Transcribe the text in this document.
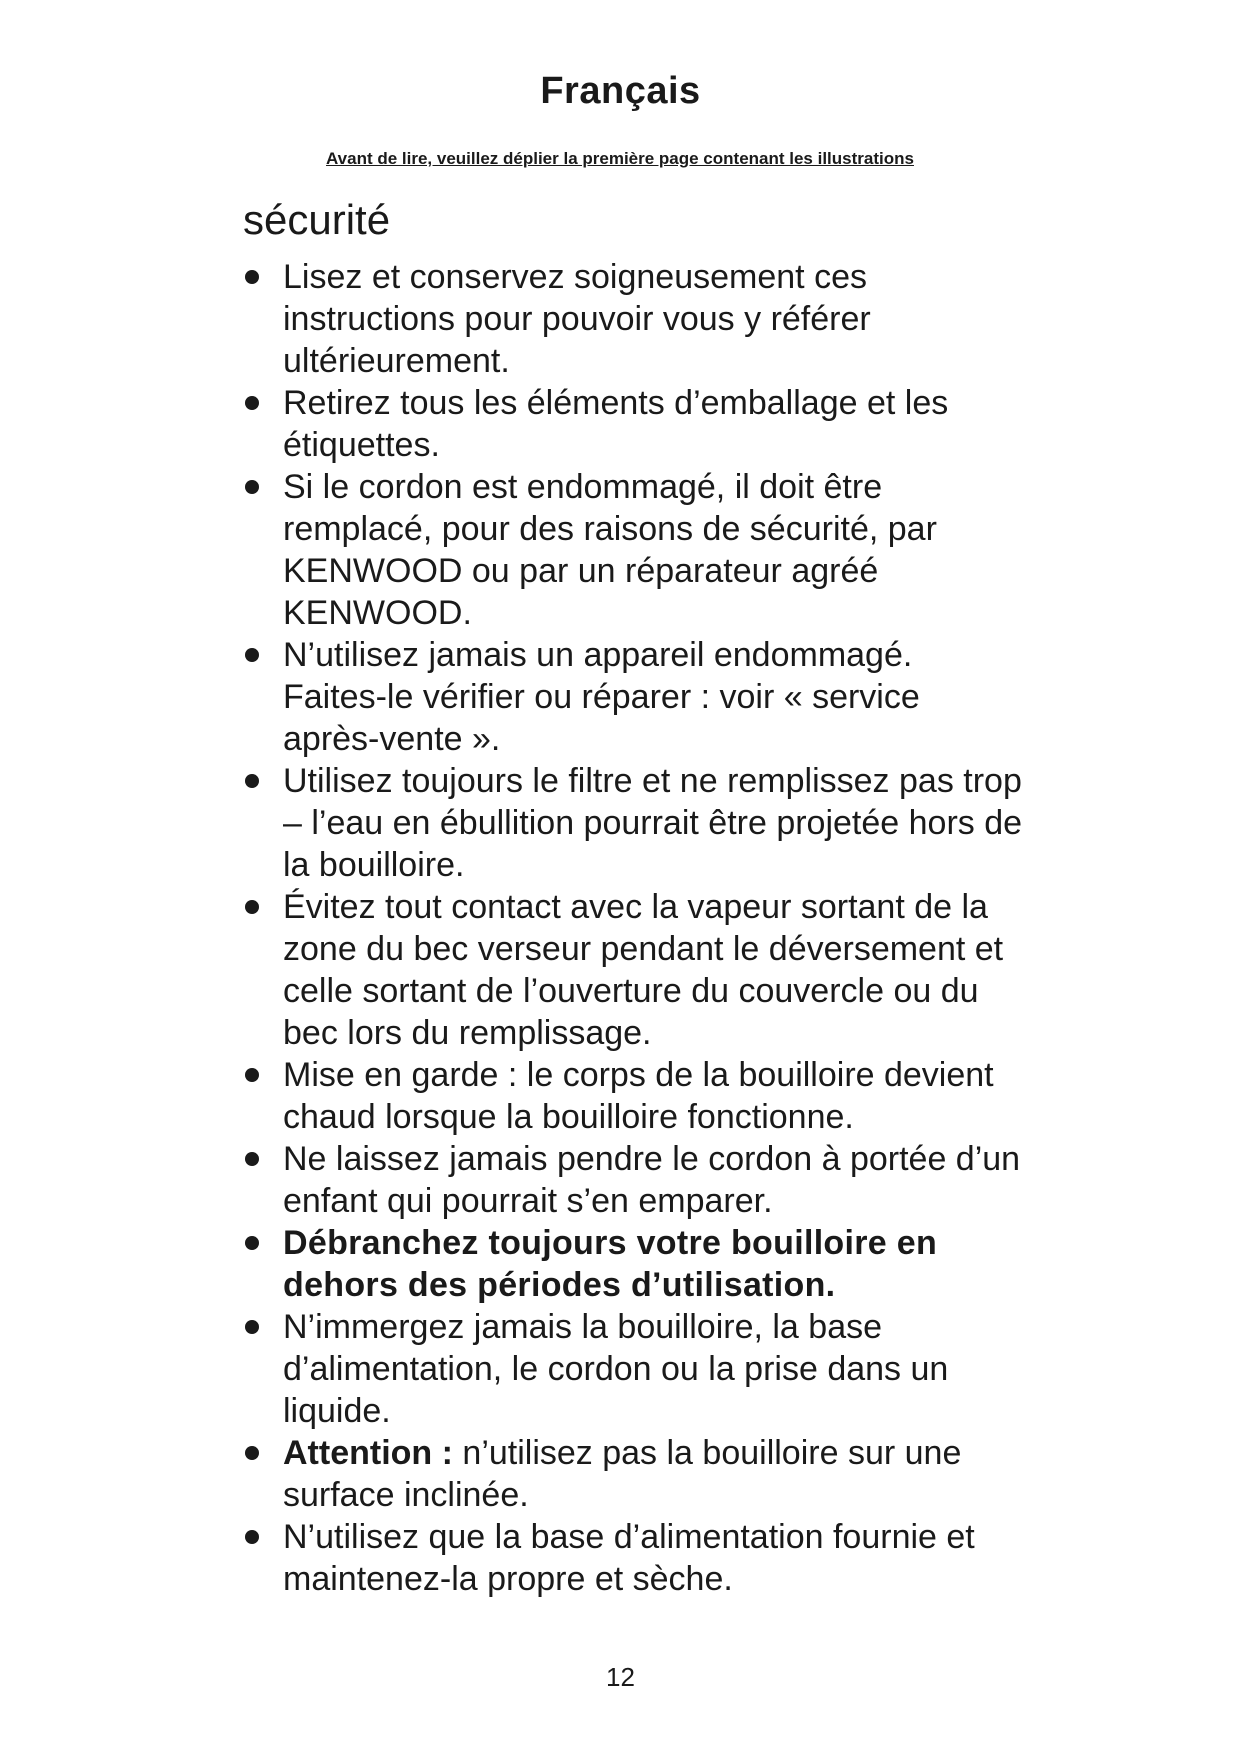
Français
Avant de lire, veuillez déplier la première page contenant les illustrations
sécurité
Lisez et conservez soigneusement ces instructions pour pouvoir vous y référer ultérieurement.
Retirez tous les éléments d’emballage et les étiquettes.
Si le cordon est endommagé, il doit être remplacé, pour des raisons de sécurité, par KENWOOD ou par un réparateur agréé KENWOOD.
N’utilisez jamais un appareil endommagé. Faites-le vérifier ou réparer : voir « service après-vente ».
Utilisez toujours le filtre et ne remplissez pas trop – l’eau en ébullition pourrait être projetée hors de la bouilloire.
Évitez tout contact avec la vapeur sortant de la zone du bec verseur pendant le déversement et celle sortant de l’ouverture du couvercle ou du bec lors du remplissage.
Mise en garde : le corps de la bouilloire devient chaud lorsque la bouilloire fonctionne.
Ne laissez jamais pendre le cordon à portée d’un enfant qui pourrait s’en emparer.
Débranchez toujours votre bouilloire en dehors des périodes d’utilisation.
N’immergez jamais la bouilloire, la base d’alimentation, le cordon ou la prise dans un liquide.
Attention : n’utilisez pas la bouilloire sur une surface inclinée.
N’utilisez que la base d’alimentation fournie et maintenez-la propre et sèche.
12
